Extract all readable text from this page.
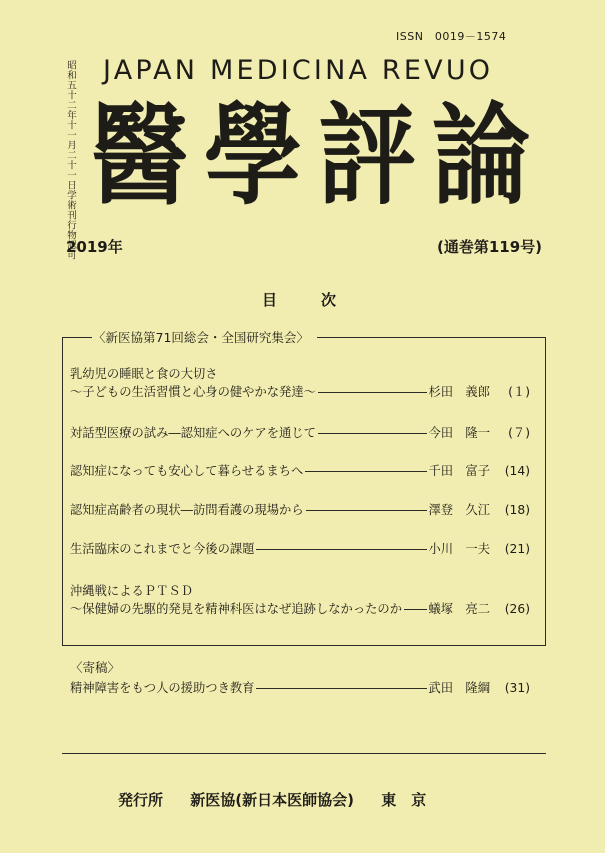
ISSN　0019－1574
昭和五十二年十一月二十一日学術刊行物認可 JAPAN MEDICINA REVUO
醫 學 評 論
2019年	(通巻第119号)
目次
〈新医協第71回総会・全国研究集会〉
乳幼児の睡眠と食の大切さ
～子どもの生活習慣と心身の健やかな発達～	杉田　義郎	(１)
対話型医療の試み―認知症へのケアを通じて	今田　隆一	(７)
認知症になっても安心して暮らせるまちへ	千田　富子	(14)
認知症高齢者の現状―訪問看護の現場から	澤登　久江	(18)
生活臨床のこれまでと今後の課題	小川　一夫	(21)
沖縄戦によるＰＴＳＤ
～保健婦の先駆的発見を精神科医はなぜ追跡しなかったのか 蟻塚　亮二	(26)
〈寄稿〉
精神障害をもつ人の援助つき教育	武田　隆綱	(31)
発行所 新医協(新日本医師協会) 東　京
